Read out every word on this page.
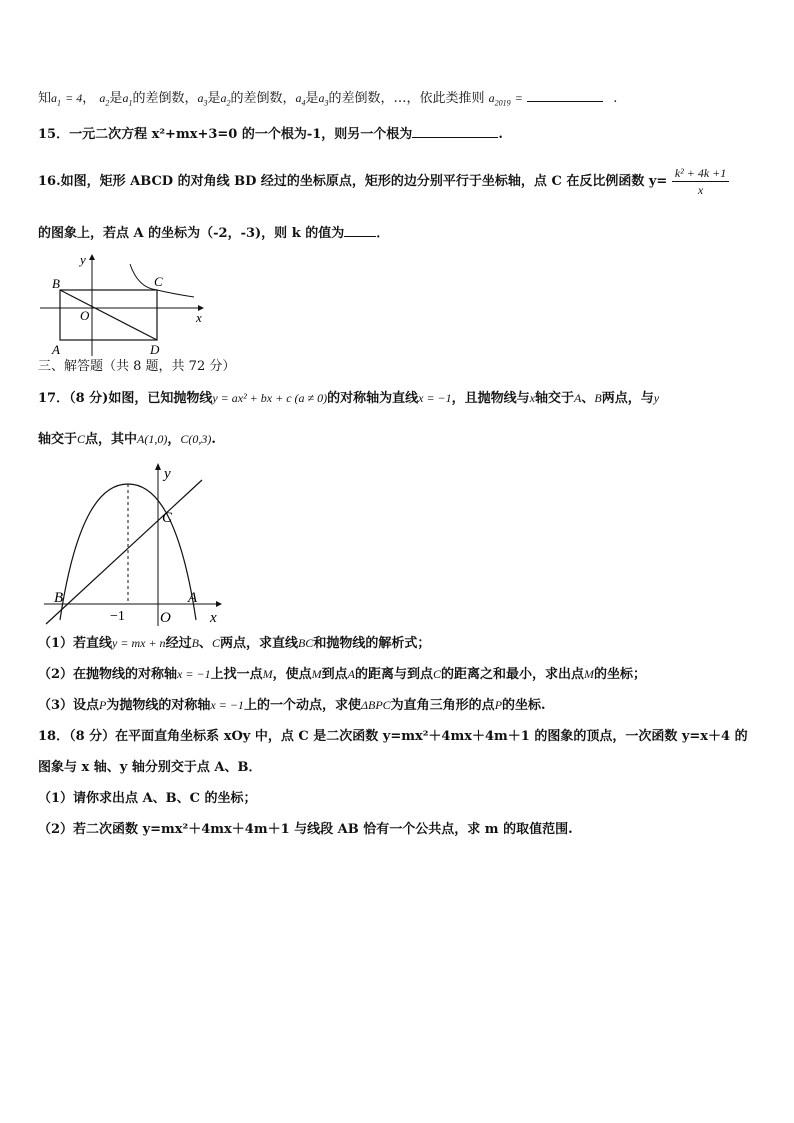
知$a_1 = 4$， $a_2$是$a_1$的差倒数，$a_3$是$a_2$的差倒数，$a_4$是$a_3$的差倒数，…，依此类推则 $a_{2019}$ =	.
15．一元二次方程 x²+mx+3=0 的一个根为-1，则另一个根为	.
16.如图，矩形 ABCD 的对角线 BD 经过的坐标原点，矩形的边分别平行于坐标轴，点 C 在反比例函数 $y= \frac{\text{k² + 4k +1}}{x}$
的图象上，若点 A 的坐标为（-2，-3)，则 k 的值为 ．
B	C
O
A	D
x
y
三、解答题（共 8 题，共 72 分）
17．（8 分)如图，已知抛物线y = ax² + bx + c (a ≠ 0)的对称轴为直线x = −1，且抛物线与x轴交于A、B两点，与y
轴交于C点，其中A(1,0)，C(0,3).
y
C
B	A
−1 O	x
（1）若直线y = mx + n经过B、C两点，求直线BC和抛物线的解析式；
（2）在抛物线的对称轴x = −1上找一点M，使点M到点A的距离与到点C的距离之和最小，求出点M的坐标；
（3）设点P为抛物线的对称轴x = −1上的一个动点，求使ΔBPC为直角三角形的点P的坐标.
18．（8 分）在平面直角坐标系 xOy 中，点 C 是二次函数 y=mx²＋4mx＋4m＋1 的图象的顶点，一次函数 y=x＋4 的
图象与 x 轴、y 轴分别交于点 A、B．
（1）请你求出点 A、B、C 的坐标；
（2）若二次函数 y=mx²＋4mx＋4m＋1 与线段 AB 恰有一个公共点，求 m 的取值范围.
